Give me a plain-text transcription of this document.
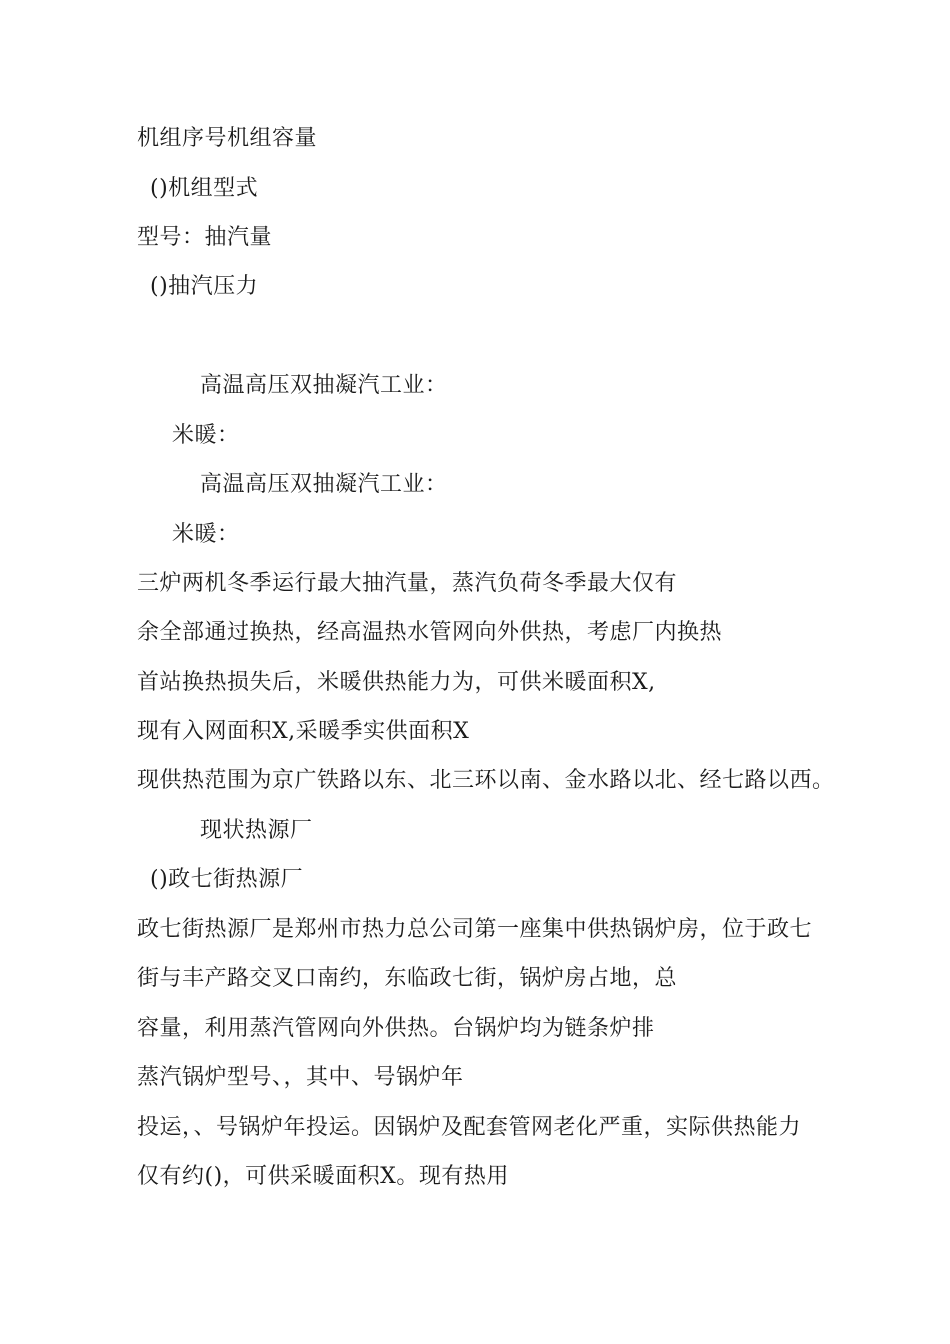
机组序号机组容量
()机组型式
型号：抽汽量
()抽汽压力
高温高压双抽凝汽工业：
米暖：
高温高压双抽凝汽工业：
米暖：
三炉两机冬季运行最大抽汽量，蒸汽负荷冬季最大仅有
余全部通过换热，经高温热水管网向外供热，考虑厂内换热
首站换热损失后，米暖供热能力为，可供米暖面积X,
现有入网面积X,采暖季实供面积X
现供热范围为京广铁路以东、北三环以南、金水路以北、经七路以西。
现状热源厂
()政七街热源厂
政七街热源厂是郑州市热力总公司第一座集中供热锅炉房，位于政七
街与丰产路交叉口南约，东临政七街，锅炉房占地，总
容量，利用蒸汽管网向外供热。台锅炉均为链条炉排
蒸汽锅炉型号、，其中、号锅炉年
投运，、号锅炉年投运。因锅炉及配套管网老化严重，实际供热能力
仅有约()，可供采暖面积X。现有热用
